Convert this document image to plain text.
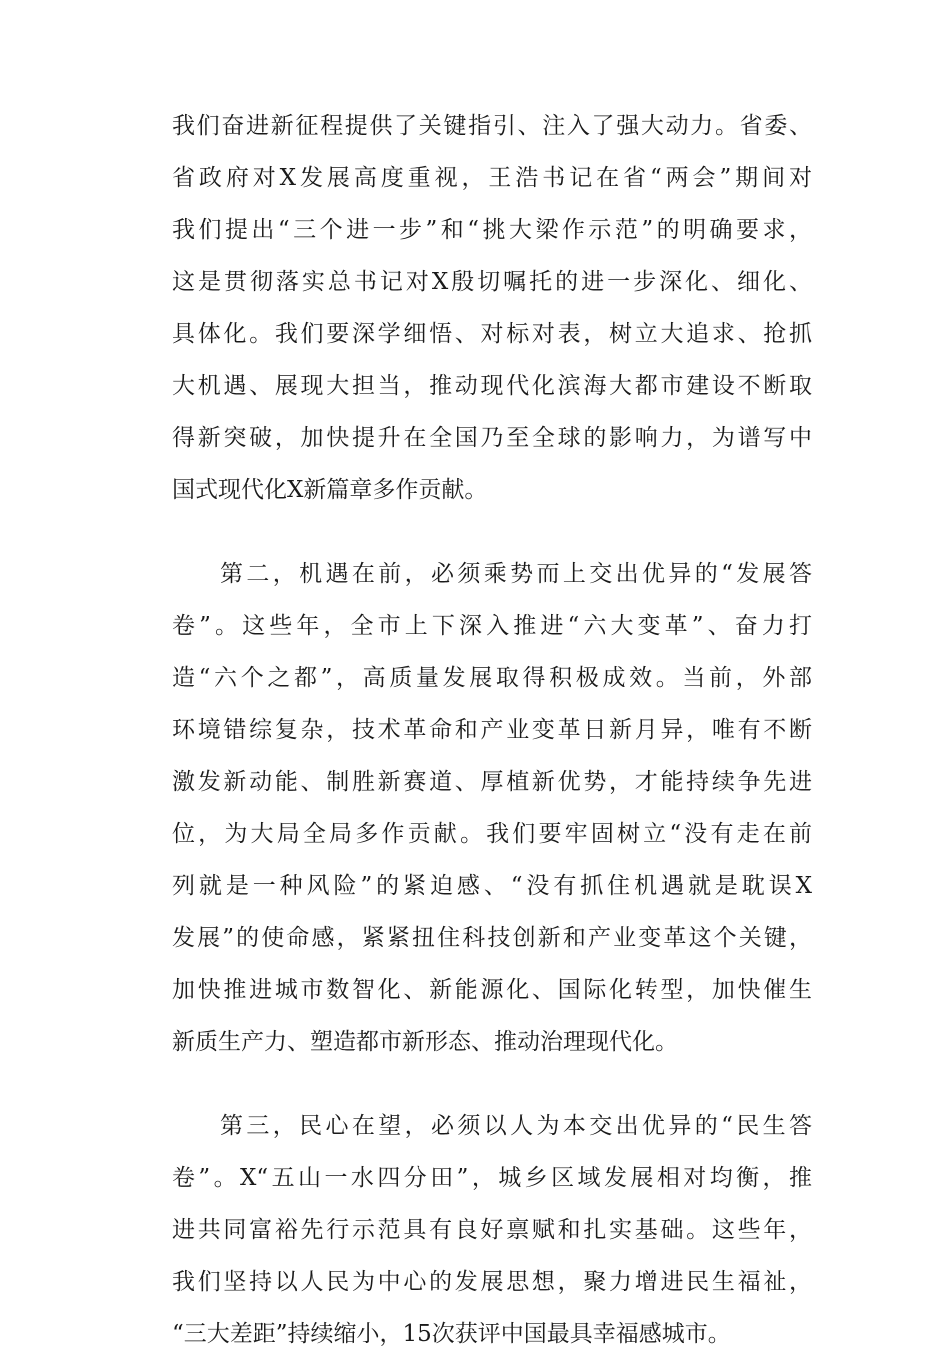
我们奋进新征程提供了关键指引、注入了强大动力。省委、
省政府对X发展高度重视，王浩书记在省“两会”期间对
我们提出“三个进一步”和“挑大梁作示范”的明确要求，
这是贯彻落实总书记对X殷切嘱托的进一步深化、细化、
具体化。我们要深学细悟、对标对表，树立大追求、抢抓
大机遇、展现大担当，推动现代化滨海大都市建设不断取
得新突破，加快提升在全国乃至全球的影响力，为谱写中
国式现代化X新篇章多作贡献。
第二，机遇在前，必须乘势而上交出优异的“发展答
卷”。这些年，全市上下深入推进“六大变革”、奋力打
造“六个之都”，高质量发展取得积极成效。当前，外部
环境错综复杂，技术革命和产业变革日新月异，唯有不断
激发新动能、制胜新赛道、厚植新优势，才能持续争先进
位，为大局全局多作贡献。我们要牢固树立“没有走在前
列就是一种风险”的紧迫感、“没有抓住机遇就是耽误X
发展”的使命感，紧紧扭住科技创新和产业变革这个关键，
加快推进城市数智化、新能源化、国际化转型，加快催生
新质生产力、塑造都市新形态、推动治理现代化。
第三，民心在望，必须以人为本交出优异的“民生答
卷”。X“五山一水四分田”，城乡区域发展相对均衡，推
进共同富裕先行示范具有良好禀赋和扎实基础。这些年，
我们坚持以人民为中心的发展思想，聚力增进民生福祉，
“三大差距”持续缩小，15次获评中国最具幸福感城市。
